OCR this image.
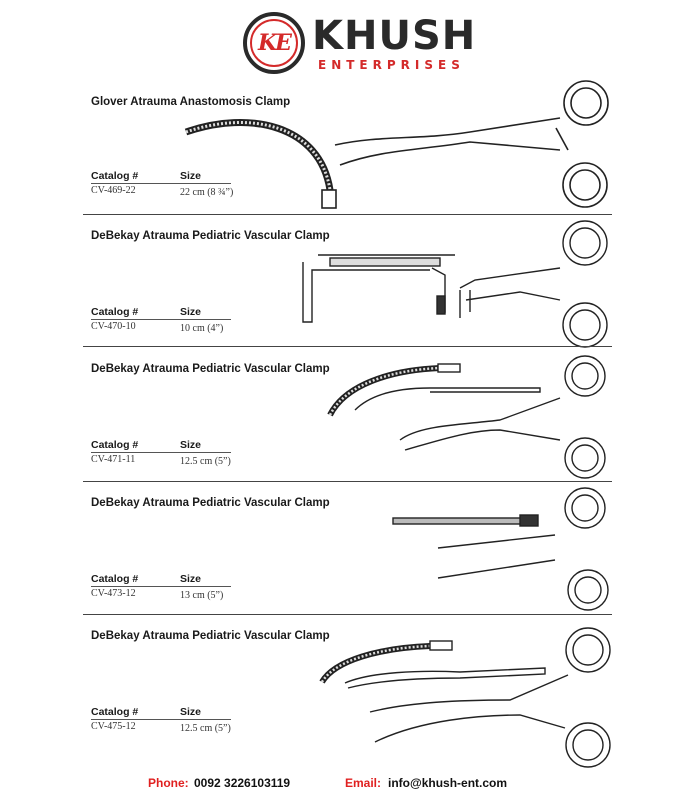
KE KHUSH
ENTERPRISES
Glover Atrauma Anastomosis Clamp
Catalog #	Size
CV-469-22	22 cm (8 ¾”)
DeBekay Atrauma Pediatric Vascular Clamp
Catalog #	Size
CV-470-10	10 cm (4”)
DeBekay Atrauma Pediatric Vascular Clamp
Catalog #	Size
CV-471-11	12.5 cm (5”)
DeBekay Atrauma Pediatric Vascular Clamp
Catalog #	Size
CV-473-12	13 cm (5”)
DeBekay Atrauma Pediatric Vascular Clamp
Catalog #	Size
CV-475-12	12.5 cm (5”)
Phone: 0092 3226103119	Email: info@khush-ent.com
